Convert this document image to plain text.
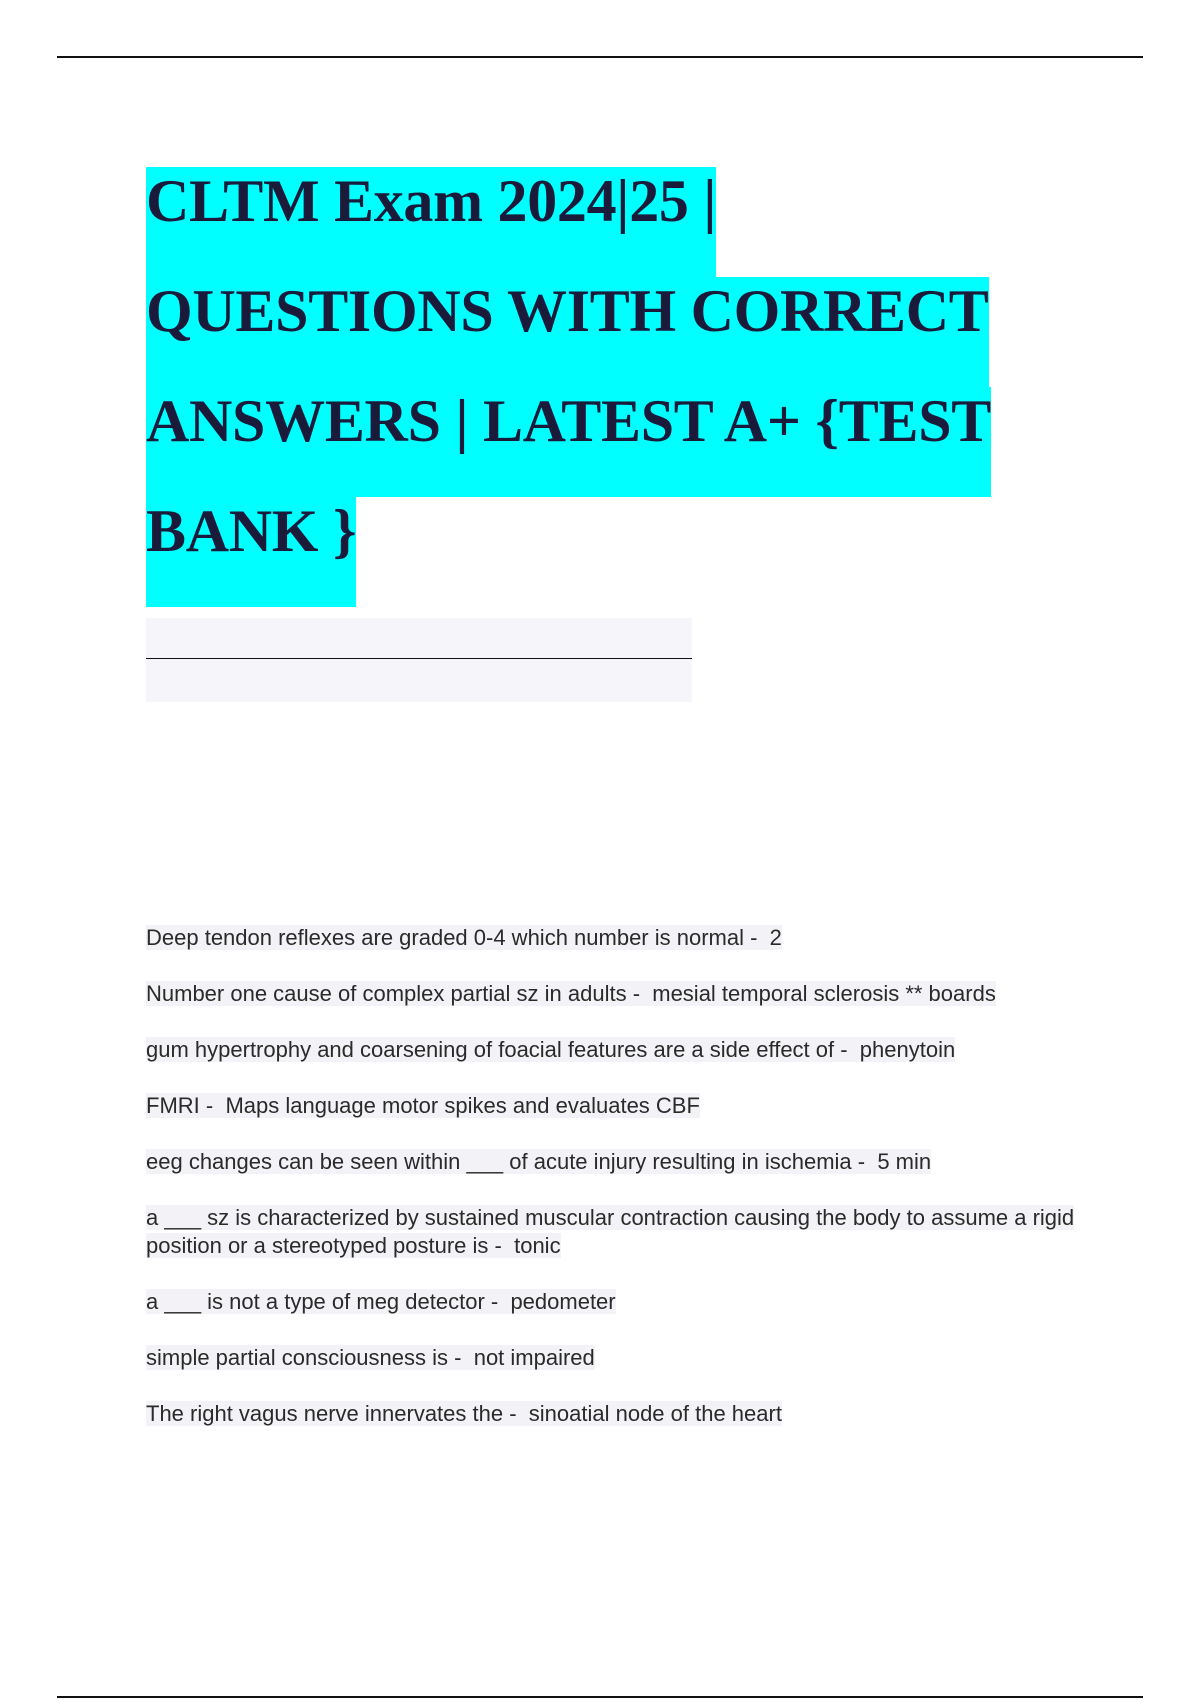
CLTM Exam 2024|25 |
QUESTIONS WITH CORRECT
ANSWERS | LATEST A+ {TEST
BANK }
Deep tendon reflexes are graded 0-4 which number is normal -  2
Number one cause of complex partial sz in adults -  mesial temporal sclerosis ** boards
gum hypertrophy and coarsening of foacial features are a side effect of -  phenytoin
FMRI -  Maps language motor spikes and evaluates CBF
eeg changes can be seen within ___ of acute injury resulting in ischemia -  5 min
a ___ sz is characterized by sustained muscular contraction causing the body to assume a rigid position or a stereotyped posture is -  tonic
a ___ is not a type of meg detector -  pedometer
simple partial consciousness is -  not impaired
The right vagus nerve innervates the -  sinoatial node of the heart
